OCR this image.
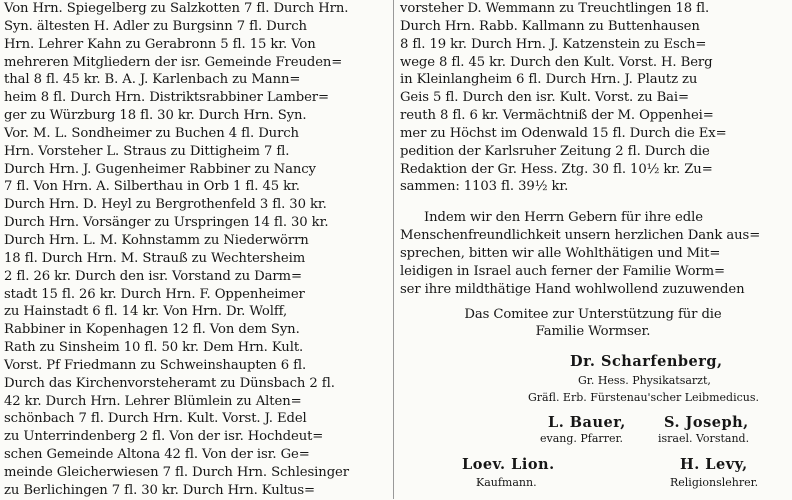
Von Hrn. Spiegelberg zu Salzkotten 7 fl. Durch Hrn.
Syn. ältesten H. Adler zu Burgsinn 7 fl. Durch
Hrn. Lehrer Kahn zu Gerabronn 5 fl. 15 kr. Von
mehreren Mitgliedern der isr. Gemeinde Freuden=
thal 8 fl. 45 kr. B. A. J. Karlenbach zu Mann=
heim 8 fl. Durch Hrn. Distriktsrabbiner Lamber=
ger zu Würzburg 18 fl. 30 kr. Durch Hrn. Syn.
Vor. M. L. Sondheimer zu Buchen 4 fl. Durch
Hrn. Vorsteher L. Straus zu Dittigheim 7 fl.
Durch Hrn. J. Gugenheimer Rabbiner zu Nancy
7 fl. Von Hrn. A. Silberthau in Orb 1 fl. 45 kr.
Durch Hrn. D. Heyl zu Bergrothenfeld 3 fl. 30 kr.
Durch Hrn. Vorsänger zu Urspringen 14 fl. 30 kr.
Durch Hrn. L. M. Kohnstamm zu Niederwörrn
18 fl. Durch Hrn. M. Strauß zu Wechtersheim
2 fl. 26 kr. Durch den isr. Vorstand zu Darm=
stadt 15 fl. 26 kr. Durch Hrn. F. Oppenheimer
zu Hainstadt 6 fl. 14 kr. Von Hrn. Dr. Wolff,
Rabbiner in Kopenhagen 12 fl. Von dem Syn.
Rath zu Sinsheim 10 fl. 50 kr. Dem Hrn. Kult.
Vorst. Pf Friedmann zu Schweinshaupten 6 fl.
Durch das Kirchenvorsteheramt zu Dünsbach 2 fl.
42 kr. Durch Hrn. Lehrer Blümlein zu Alten=
schönbach 7 fl. Durch Hrn. Kult. Vorst. J. Edel
zu Unterrindenberg 2 fl. Von der isr. Hochdeut=
schen Gemeinde Altona 42 fl. Von der isr. Ge=
meinde Gleicherwiesen 7 fl. Durch Hrn. Schlesinger
zu Berlichingen 7 fl. 30 kr. Durch Hrn. Kultus=
vorsteher D. Wemmann zu Treuchtlingen 18 fl.
Durch Hrn. Rabb. Kallmann zu Buttenhausen
8 fl. 19 kr. Durch Hrn. J. Katzenstein zu Esch=
wege 8 fl. 45 kr. Durch den Kult. Vorst. H. Berg
in Kleinlangheim 6 fl. Durch Hrn. J. Plautz zu
Geis 5 fl. Durch den isr. Kult. Vorst. zu Bai=
reuth 8 fl. 6 kr. Vermächtniß der M. Oppenhei=
mer zu Höchst im Odenwald 15 fl. Durch die Ex=
pedition der Karlsruher Zeitung 2 fl. Durch die
Redaktion der Gr. Hess. Ztg. 30 fl. 10½ kr. Zu=
sammen: 1103 fl. 39½ kr.
Indem wir den Herrn Gebern für ihre edle
Menschenfreundlichkeit unsern herzlichen Dank aus=
sprechen, bitten wir alle Wohlthätigen und Mit=
leidigen in Israel auch ferner der Familie Worm=
ser ihre mildthätige Hand wohlwollend zuzuwenden
Das Comitee zur Unterstützung für die
Familie Wormser.
Dr. Scharfenberg,
Gr. Hess. Physikatsarzt,
Gräfl. Erb. Fürstenau'scher Leibmedicus.
L. Bauer,
evang. Pfarrer.
S. Joseph,
israel. Vorstand.
Loev. Lion.
Kaufmann.
H. Levy,
Religionslehrer.
